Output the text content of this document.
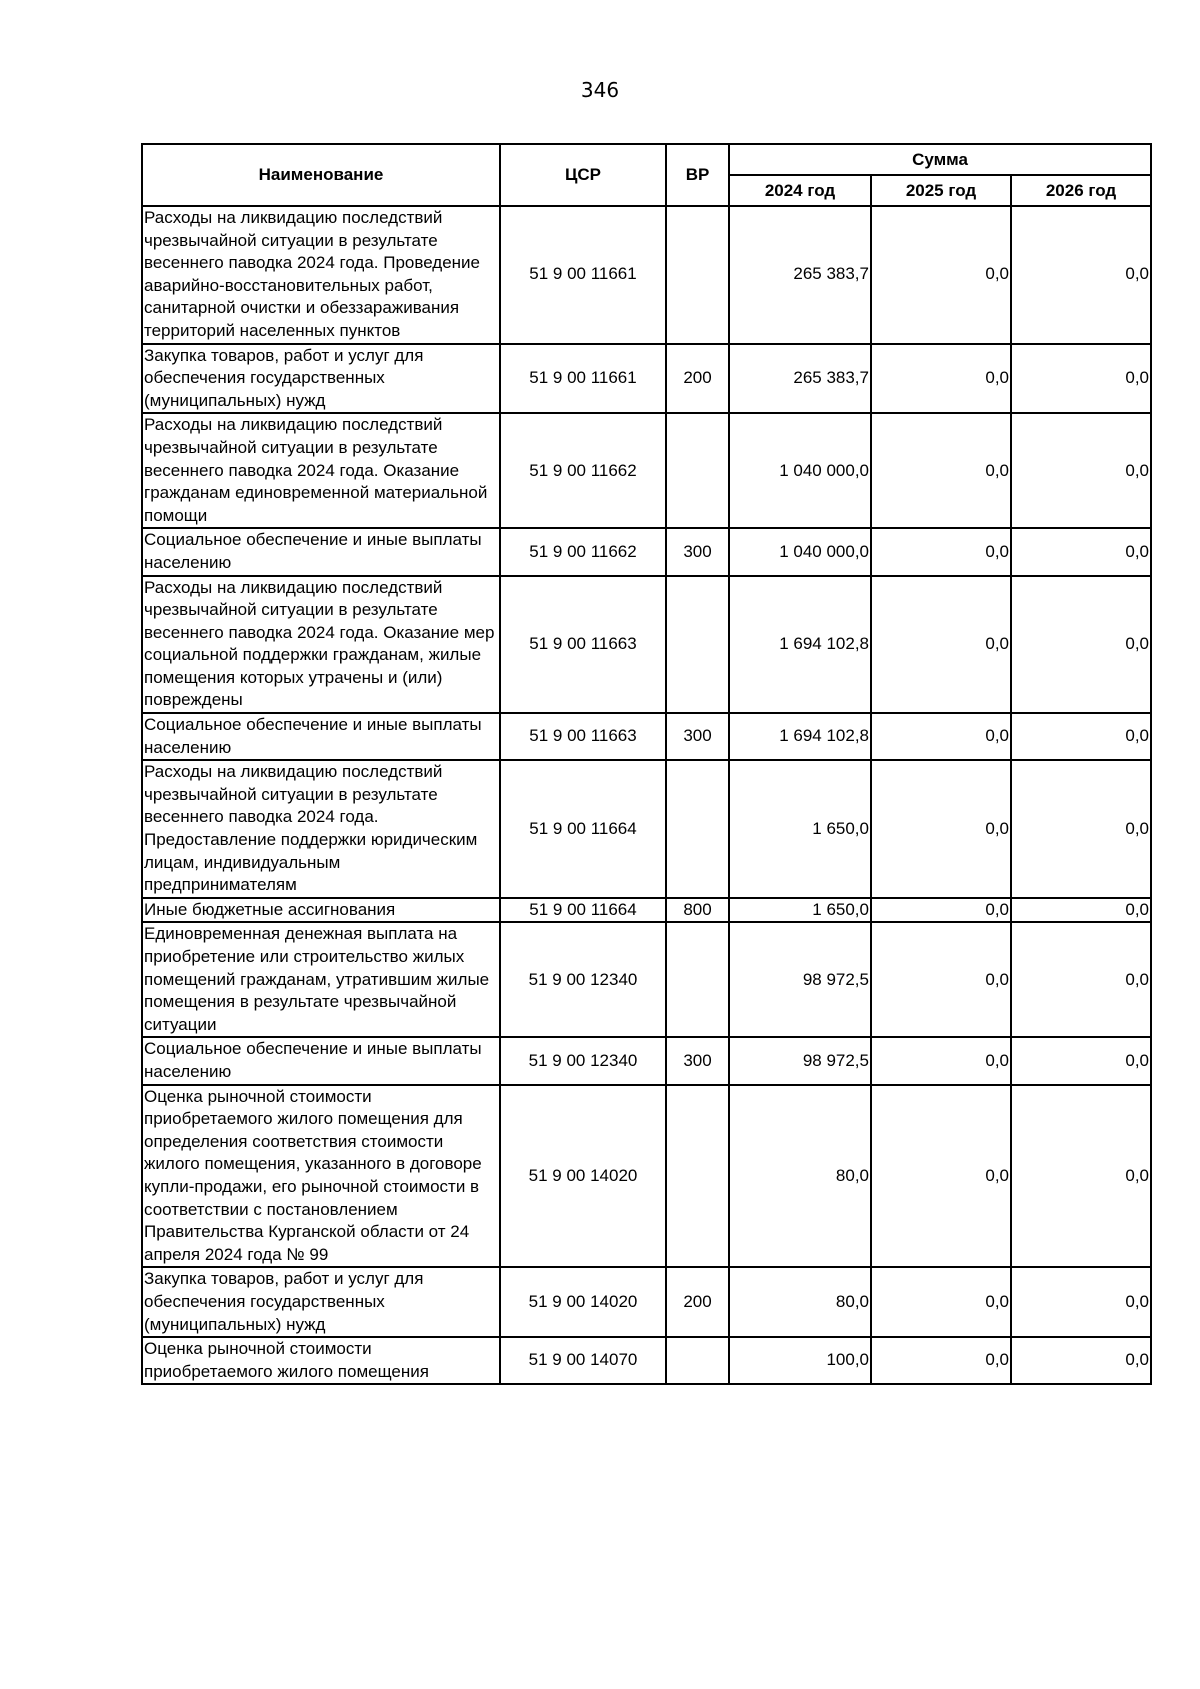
346
Наименование	ЦСР	ВР	Сумма		
			2024 год	2025 год	2026 год
Расходы на ликвидацию последствий чрезвычайной ситуации в результате весеннего паводка 2024 года. Проведение аварийно-восстановительных работ, санитарной очистки и обеззараживания территорий населенных пунктов	51 9 00 11661		265 383,7	0,0	0,0
Закупка товаров, работ и услуг для обеспечения государственных (муниципальных) нужд	51 9 00 11661	200	265 383,7	0,0	0,0
Расходы на ликвидацию последствий чрезвычайной ситуации в результате весеннего паводка 2024 года. Оказание гражданам единовременной материальной помощи	51 9 00 11662		1 040 000,0	0,0	0,0
Социальное обеспечение и иные выплаты населению	51 9 00 11662	300	1 040 000,0	0,0	0,0
Расходы на ликвидацию последствий чрезвычайной ситуации в результате весеннего паводка 2024 года. Оказание мер социальной поддержки гражданам, жилые помещения которых утрачены и (или) повреждены	51 9 00 11663		1 694 102,8	0,0	0,0
Социальное обеспечение и иные выплаты населению	51 9 00 11663	300	1 694 102,8	0,0	0,0
Расходы на ликвидацию последствий чрезвычайной ситуации в результате весеннего паводка 2024 года. Предоставление поддержки юридическим лицам, индивидуальным предпринимателям	51 9 00 11664		1 650,0	0,0	0,0
Иные бюджетные ассигнования	51 9 00 11664	800	1 650,0	0,0	0,0
Единовременная денежная выплата на приобретение или строительство жилых помещений гражданам, утратившим жилые помещения в результате чрезвычайной ситуации	51 9 00 12340		98 972,5	0,0	0,0
Социальное обеспечение и иные выплаты населению	51 9 00 12340	300	98 972,5	0,0	0,0
Оценка рыночной стоимости приобретаемого жилого помещения для определения соответствия стоимости жилого помещения, указанного в договоре купли-продажи, его рыночной стоимости в соответствии с постановлением Правительства Курганской области от 24 апреля 2024 года № 99	51 9 00 14020		80,0	0,0	0,0
Закупка товаров, работ и услуг для обеспечения государственных (муниципальных) нужд	51 9 00 14020	200	80,0	0,0	0,0
Оценка рыночной стоимости приобретаемого жилого помещения	51 9 00 14070		100,0	0,0	0,0
